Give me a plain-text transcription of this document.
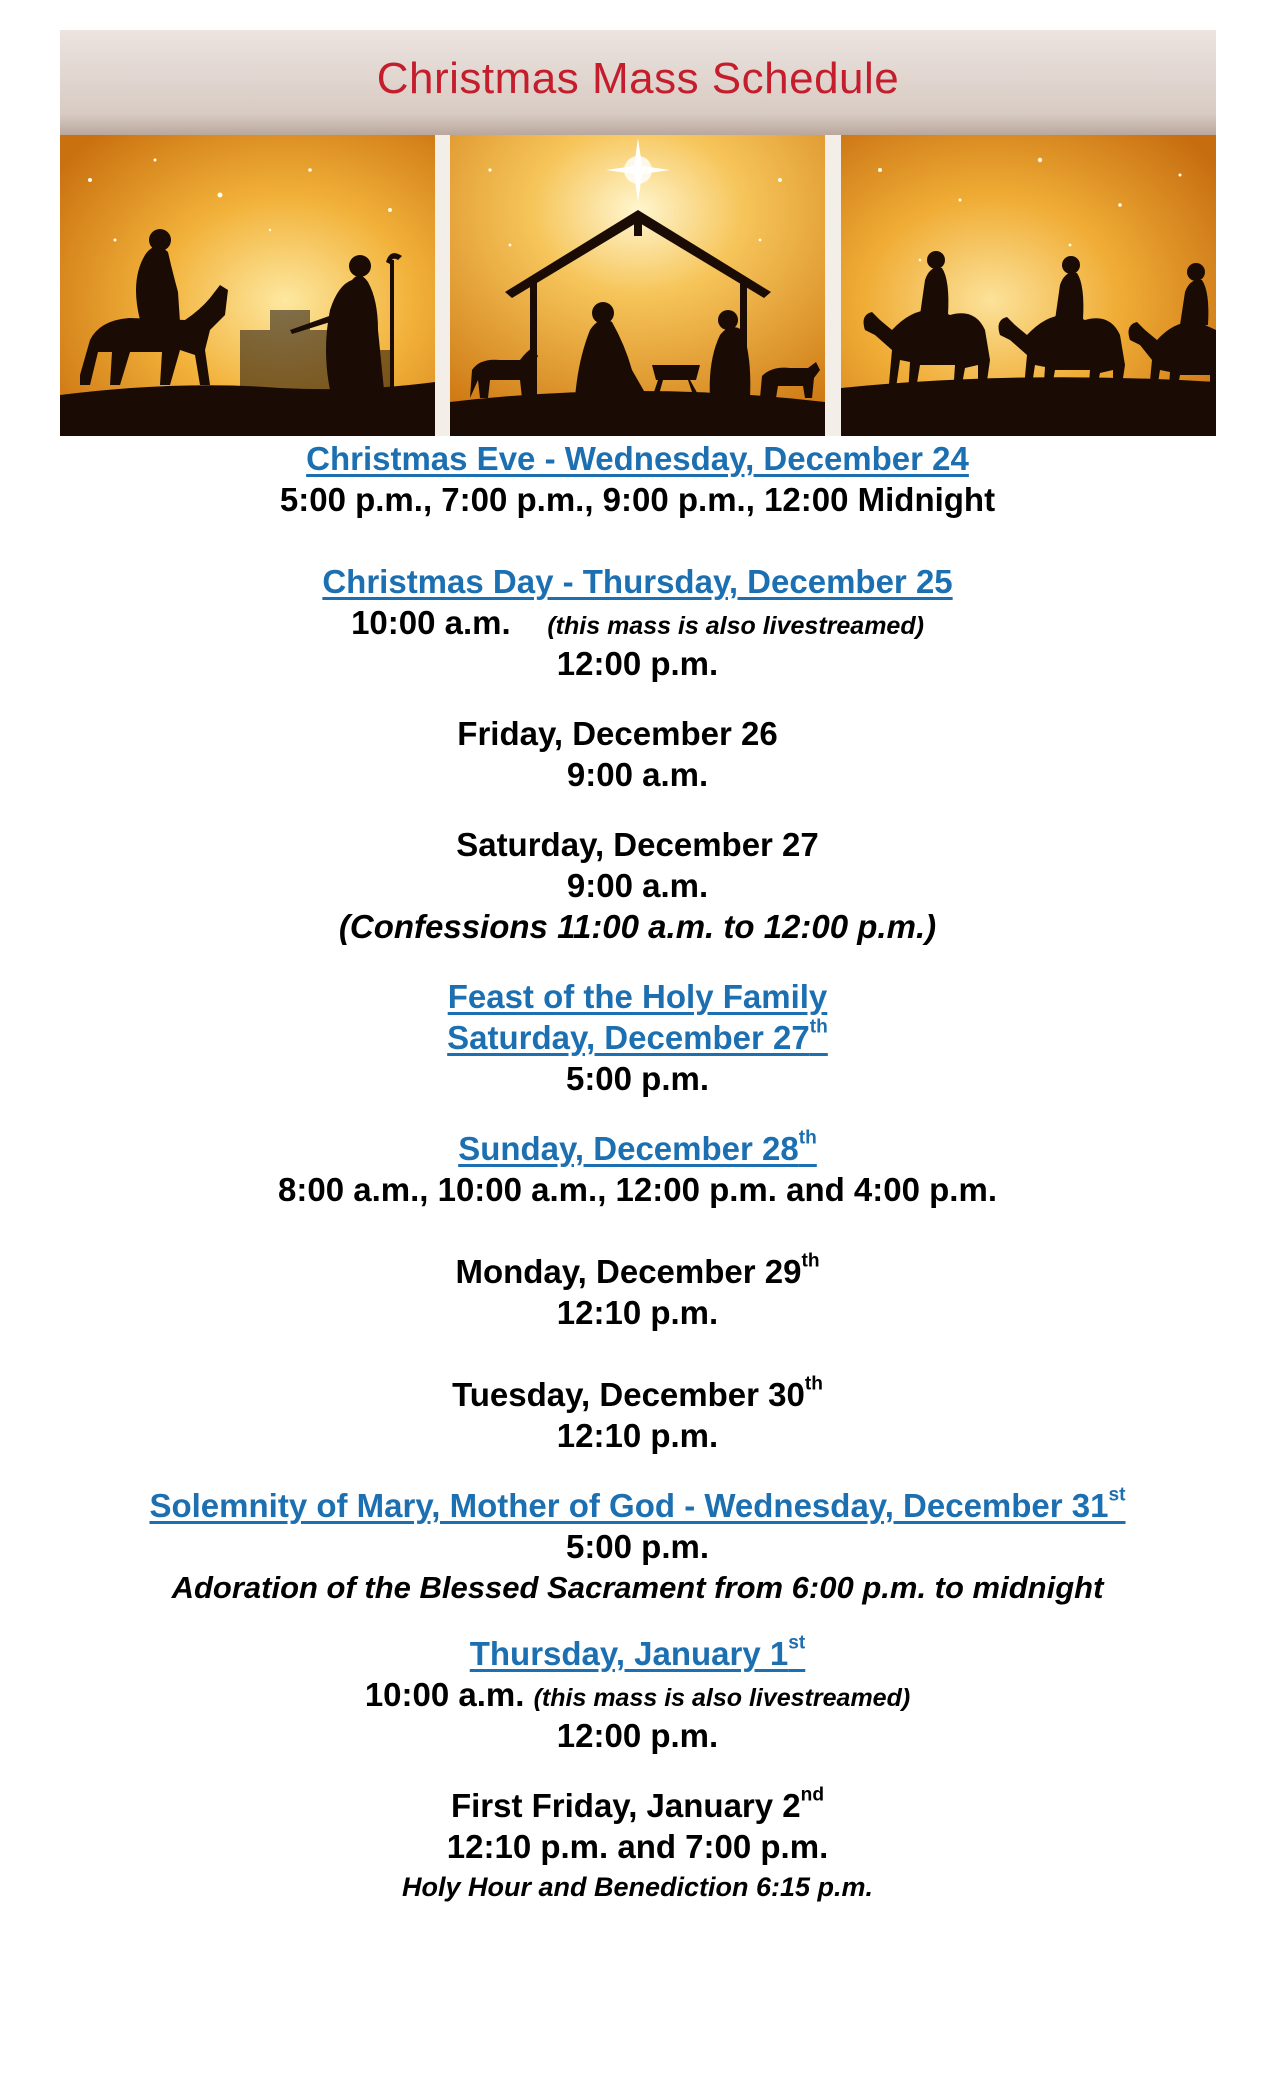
Christmas Mass Schedule
Christmas Eve - Wednesday, December 24
5:00 p.m., 7:00 p.m., 9:00 p.m., 12:00 Midnight
Christmas Day - Thursday, December 25
10:00 a.m. (this mass is also livestreamed)
12:00 p.m.
Friday, December 26
9:00 a.m.
Saturday, December 27
9:00 a.m.
(Confessions 11:00 a.m. to 12:00 p.m.)
Feast of the Holy Family
Saturday, December 27th
5:00 p.m.
Sunday, December 28th
8:00 a.m., 10:00 a.m., 12:00 p.m. and 4:00 p.m.
Monday, December 29th
12:10 p.m.
Tuesday, December 30th
12:10 p.m.
Solemnity of Mary, Mother of God - Wednesday, December 31st
5:00 p.m.
Adoration of the Blessed Sacrament from 6:00 p.m. to midnight
Thursday, January 1st
10:00 a.m. (this mass is also livestreamed)
12:00 p.m.
First Friday, January 2nd
12:10 p.m. and 7:00 p.m.
Holy Hour and Benediction 6:15 p.m.
